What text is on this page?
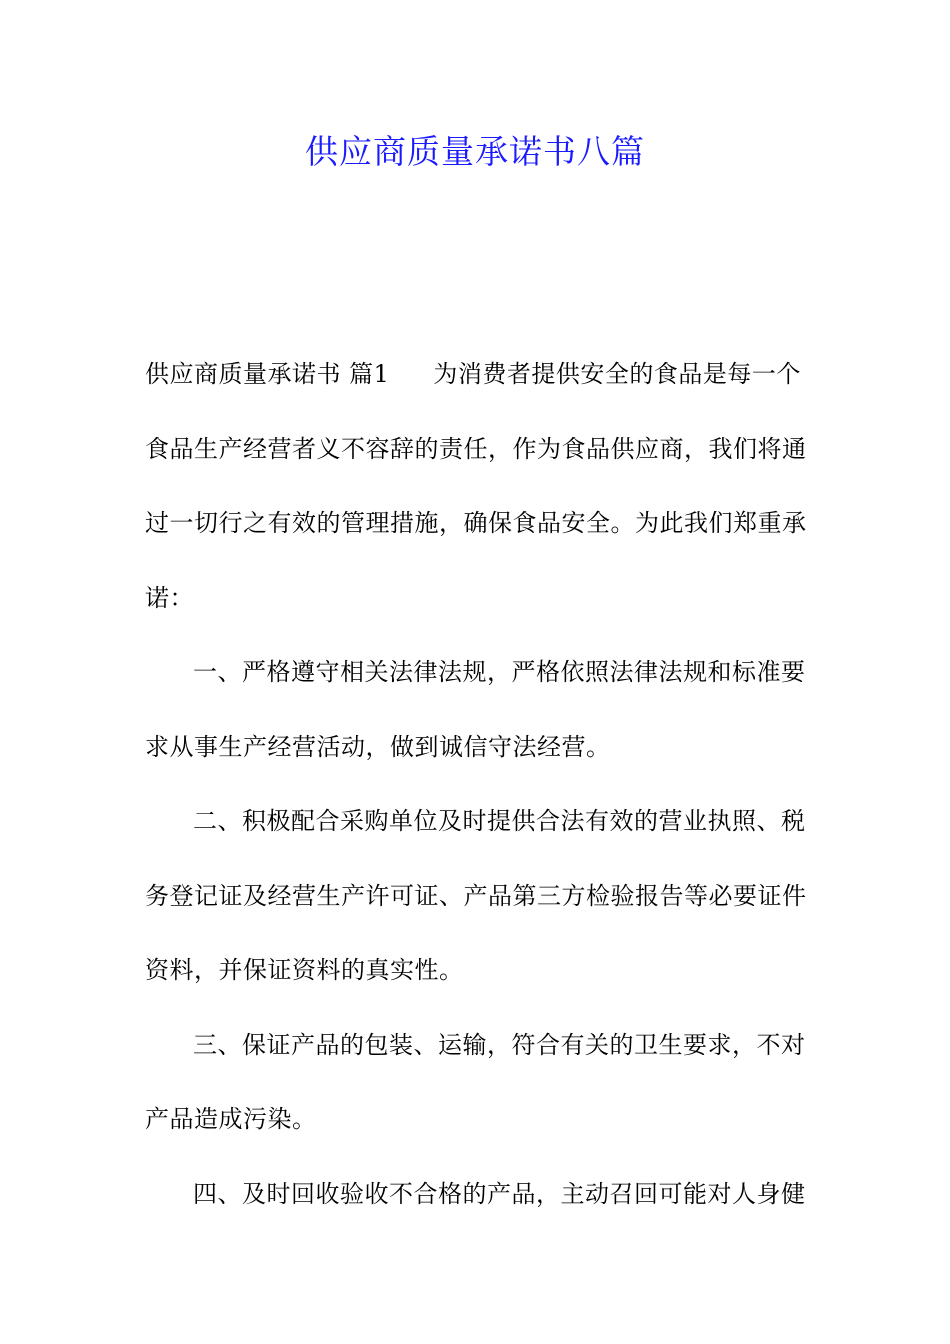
供应商质量承诺书八篇
供应商质量承诺书 篇1 为消费者提供安全的食品是每一个
食品生产经营者义不容辞的责任，作为食品供应商，我们将通
过一切行之有效的管理措施，确保食品安全。为此我们郑重承
诺：
一、严格遵守相关法律法规，严格依照法律法规和标准要
求从事生产经营活动，做到诚信守法经营。
二、积极配合采购单位及时提供合法有效的营业执照、税
务登记证及经营生产许可证、产品第三方检验报告等必要证件
资料，并保证资料的真实性。
三、保证产品的包装、运输，符合有关的卫生要求，不对
产品造成污染。
四、及时回收验收不合格的产品，主动召回可能对人身健
